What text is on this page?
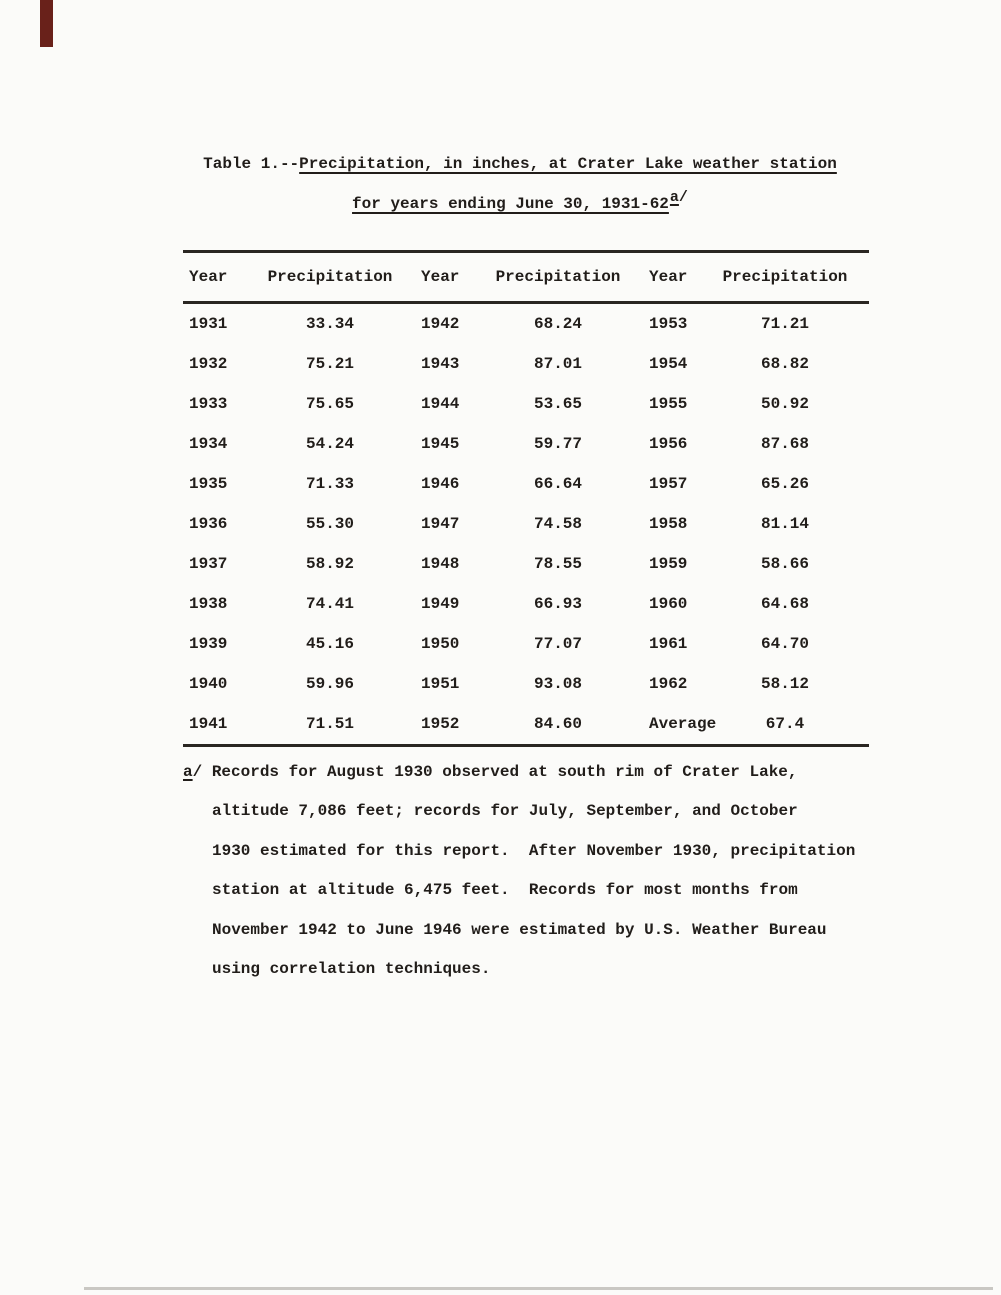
Table 1.--Precipitation, in inches, at Crater Lake weather station
for years ending June 30, 1931-62a/
Year	Precipitation	Year	Precipitation	Year	Precipitation
1931	33.34	1942	68.24	1953	71.21
1932	75.21	1943	87.01	1954	68.82
1933	75.65	1944	53.65	1955	50.92
1934	54.24	1945	59.77	1956	87.68
1935	71.33	1946	66.64	1957	65.26
1936	55.30	1947	74.58	1958	81.14
1937	58.92	1948	78.55	1959	58.66
1938	74.41	1949	66.93	1960	64.68
1939	45.16	1950	77.07	1961	64.70
1940	59.96	1951	93.08	1962	58.12
1941	71.51	1952	84.60	Average	67.4
a/ Records for August 1930 observed at south rim of Crater Lake,
altitude 7,086 feet; records for July, September, and October
1930 estimated for this report.  After November 1930, precipitation
station at altitude 6,475 feet.  Records for most months from
November 1942 to June 1946 were estimated by U.S. Weather Bureau
using correlation techniques.
